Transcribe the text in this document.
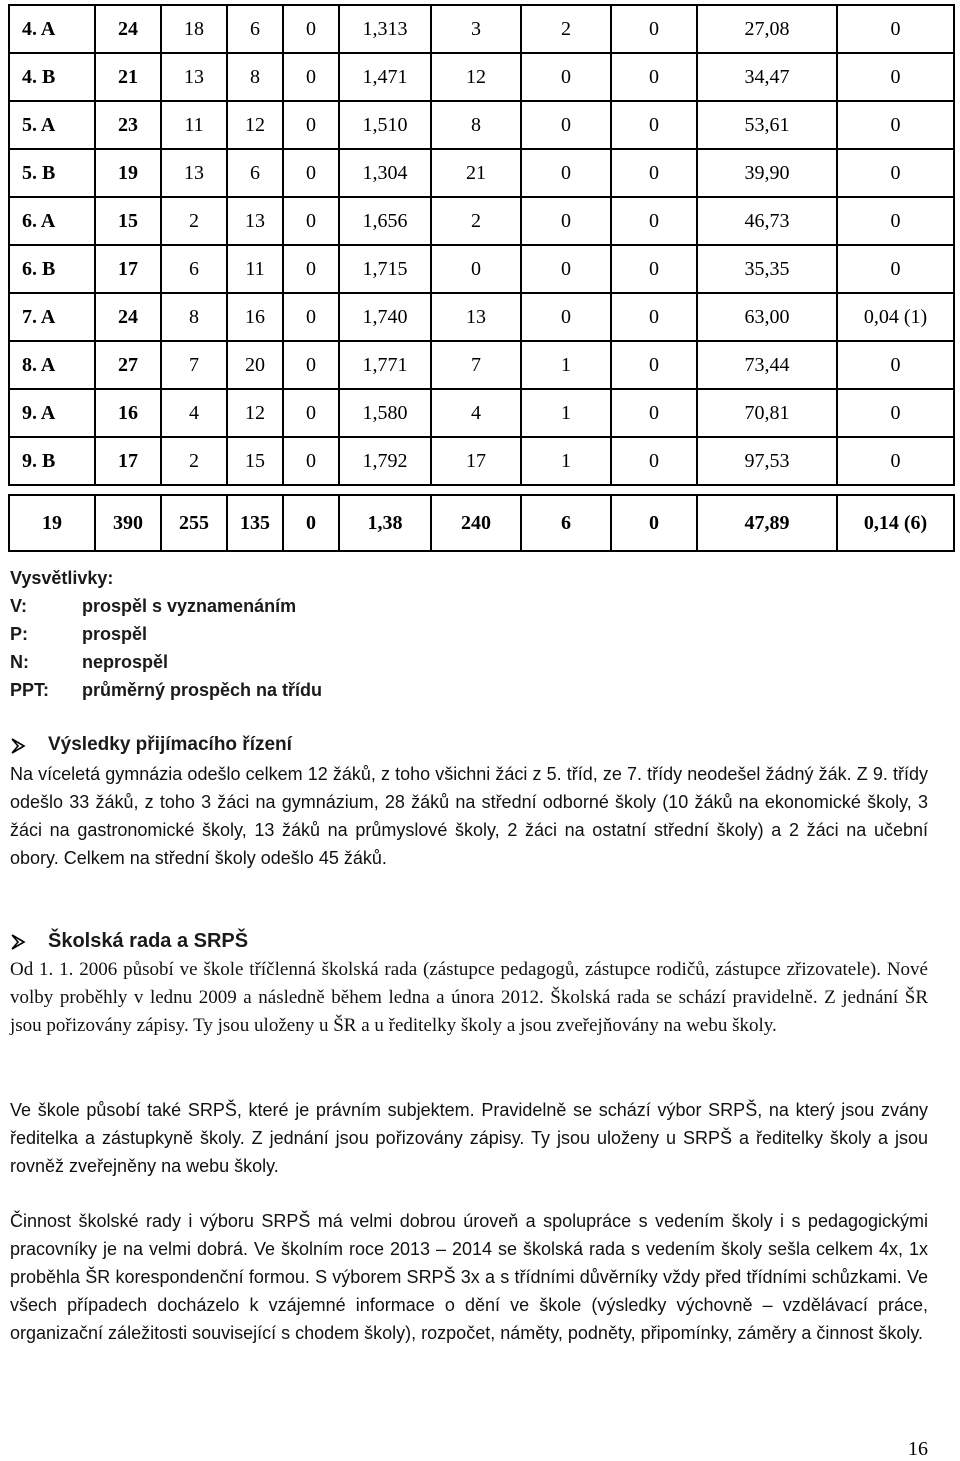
4. A	24	18	6	0	1,313	3	2	0	27,08	0
4. B	21	13	8	0	1,471	12	0	0	34,47	0
5. A	23	11	12	0	1,510	8	0	0	53,61	0
5. B	19	13	6	0	1,304	21	0	0	39,90	0
6. A	15	2	13	0	1,656	2	0	0	46,73	0
6. B	17	6	11	0	1,715	0	0	0	35,35	0
7. A	24	8	16	0	1,740	13	0	0	63,00	0,04 (1)
8. A	27	7	20	0	1,771	7	1	0	73,44	0
9. A	16	4	12	0	1,580	4	1	0	70,81	0
9. B	17	2	15	0	1,792	17	1	0	97,53	0

19	390	255	135	0	1,38	240	6	0	47,89	0,14 (6)
Vysvětlivky:
V:	prospěl s vyznamenáním
P:	prospěl
N:	neprospěl
PPT:	průměrný prospěch na třídu
Výsledky přijímacího řízení
Na víceletá gymnázia odešlo celkem 12 žáků, z toho všichni žáci z 5. tříd, ze 7. třídy neodešel žádný žák. Z 9. třídy odešlo 33 žáků, z toho 3 žáci na gymnázium, 28 žáků na střední odborné školy (10 žáků na ekonomické školy, 3 žáci na gastronomické školy, 13 žáků na průmyslové školy, 2 žáci na ostatní střední školy) a 2 žáci na učební obory. Celkem na střední školy odešlo 45 žáků.
Školská rada a SRPŠ
Od 1. 1. 2006 působí ve škole tříčlenná školská rada (zástupce pedagogů, zástupce rodičů, zástupce zřizovatele). Nové volby proběhly v lednu 2009 a následně během ledna a února 2012. Školská rada se schází pravidelně. Z jednání ŠR jsou pořizovány zápisy. Ty jsou uloženy u ŠR a u ředitelky školy a jsou zveřejňovány na webu školy.
Ve škole působí také SRPŠ, které je právním subjektem. Pravidelně se schází výbor SRPŠ, na který jsou zvány ředitelka a zástupkyně školy. Z jednání jsou pořizovány zápisy. Ty jsou uloženy u SRPŠ a ředitelky školy a jsou rovněž zveřejněny na webu školy.
Činnost školské rady i výboru SRPŠ má velmi dobrou úroveň a spolupráce s vedením školy i s pedagogickými pracovníky je na velmi dobrá. Ve školním roce 2013 – 2014 se školská rada s vedením školy sešla celkem 4x, 1x proběhla ŠR korespondenční formou. S výborem SRPŠ 3x a s třídními důvěrníky vždy před třídními schůzkami. Ve všech případech docházelo k vzájemné informace o dění ve škole (výsledky výchovně – vzdělávací práce, organizační záležitosti související s chodem školy), rozpočet, náměty, podněty, připomínky, záměry a činnost školy.
16
